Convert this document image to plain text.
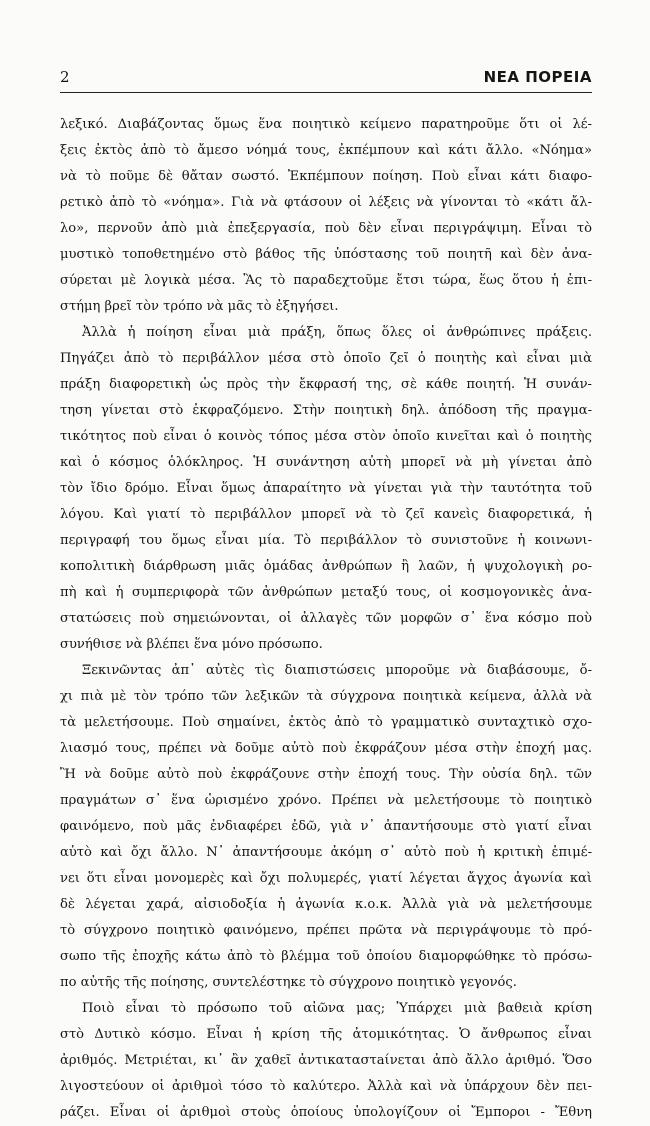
2	ΝΕΑ ΠΟΡΕΙΑ
λεξικό. Διαβάζοντας ὅμως ἕνα ποιητικὸ κείμενο παρατηροῦμε ὅτι οἱ λέ-
ξεις ἐκτὸς ἀπὸ τὸ ἄμεσο νόημά τους, ἐκπέμπουν καὶ κάτι ἄλλο. «Νόημα»
νὰ τὸ ποῦμε δὲ θἄταν σωστό. Ἐκπέμπουν ποίηση. Ποὺ εἶναι κάτι διαφο-
ρετικὸ ἀπὸ τὸ «νόημα». Γιὰ νὰ φτάσουν οἱ λέξεις νὰ γίνονται τὸ «κάτι ἄλ-
λο», περνοῦν ἀπὸ μιὰ ἐπεξεργασία, ποὺ δὲν εἶναι περιγράψιμη. Εἶναι τὸ
μυστικὸ τοποθετημένο στὸ βάθος τῆς ὑπόστασης τοῦ ποιητῆ καὶ δὲν ἀνα-
σύρεται μὲ λογικὰ μέσα. Ἂς τὸ παραδεχτοῦμε ἔτσι τώρα, ἕως ὅτου ἡ ἐπι-
στήμη βρεῖ τὸν τρόπο νὰ μᾶς τὸ ἐξηγήσει.
Ἀλλὰ ἡ ποίηση εἶναι μιὰ πράξη, ὅπως ὅλες οἱ ἀνθρώπινες πράξεις.
Πηγάζει ἀπὸ τὸ περιβάλλον μέσα στὸ ὁποῖο ζεῖ ὁ ποιητὴς καὶ εἶναι μιὰ
πράξη διαφορετικὴ ὡς πρὸς τὴν ἔκφρασή της, σὲ κάθε ποιητή. Ἡ συνάν-
τηση γίνεται στὸ ἐκφραζόμενο. Στὴν ποιητικὴ δηλ. ἀπόδοση τῆς πραγμα-
τικότητος ποὺ εἶναι ὁ κοινὸς τόπος μέσα στὸν ὁποῖο κινεῖται καὶ ὁ ποιητὴς
καὶ ὁ κόσμος ὁλόκληρος. Ἡ συνάντηση αὐτὴ μπορεῖ νὰ μὴ γίνεται ἀπὸ
τὸν ἴδιο δρόμο. Εἶναι ὅμως ἀπαραίτητο νὰ γίνεται γιὰ τὴν ταυτότητα τοῦ
λόγου. Καὶ γιατί τὸ περιβάλλον μπορεῖ νὰ τὸ ζεῖ κανεὶς διαφορετικά, ἡ
περιγραφή του ὅμως εἶναι μία. Τὸ περιβάλλον τὸ συνιστοῦνε ἡ κοινωνι-
κοπολιτικὴ διάρθρωση μιᾶς ὁμάδας ἀνθρώπων ἢ λαῶν, ἡ ψυχολογικὴ ρο-
πὴ καὶ ἡ συμπεριφορὰ τῶν ἀνθρώπων μεταξύ τους, οἱ κοσμογονικὲς ἀνα-
στατώσεις ποὺ σημειώνονται, οἱ ἀλλαγὲς τῶν μορφῶν σ᾿ ἕνα κόσμο ποὺ
συνήθισε νὰ βλέπει ἕνα μόνο πρόσωπο.
Ξεκινῶντας ἀπ᾿ αὐτὲς τὶς διαπιστώσεις μποροῦμε νὰ διαβάσουμε, ὄ-
χι πιὰ μὲ τὸν τρόπο τῶν λεξικῶν τὰ σύγχρονα ποιητικὰ κείμενα, ἀλλὰ νὰ
τὰ μελετήσουμε. Ποὺ σημαίνει, ἐκτὸς ἀπὸ τὸ γραμματικὸ συνταχτικὸ σχο-
λιασμό τους, πρέπει νὰ δοῦμε αὐτὸ ποὺ ἐκφράζουν μέσα στὴν ἐποχή μας.
Ἢ νὰ δοῦμε αὐτὸ ποὺ ἐκφράζουνε στὴν ἐποχή τους. Τὴν οὐσία δηλ. τῶν
πραγμάτων σ᾿ ἕνα ὡρισμένο χρόνο. Πρέπει νὰ μελετήσουμε τὸ ποιητικὸ
φαινόμενο, ποὺ μᾶς ἐνδιαφέρει ἐδῶ, γιὰ ν᾿ ἀπαντήσουμε στὸ γιατί εἶναι
αὐτὸ καὶ ὄχι ἄλλο. Ν᾿ ἀπαντήσουμε ἀκόμη σ᾿ αὐτὸ ποὺ ἡ κριτικὴ ἐπιμέ-
νει ὅτι εἶναι μονομερὲς καὶ ὄχι πολυμερές, γιατί λέγεται ἄγχος ἀγωνία καὶ
δὲ λέγεται χαρά, αἰσιοδοξία ἡ ἀγωνία κ.ο.κ. Ἀλλὰ γιὰ νὰ μελετήσουμε
τὸ σύγχρονο ποιητικὸ φαινόμενο, πρέπει πρῶτα νὰ περιγράψουμε τὸ πρό-
σωπο τῆς ἐποχῆς κάτω ἀπὸ τὸ βλέμμα τοῦ ὁποίου διαμορφώθηκε τὸ πρόσω-
πο αὐτῆς τῆς ποίησης, συντελέστηκε τὸ σύγχρονο ποιητικὸ γεγονός.
Ποιὸ εἶναι τὸ πρόσωπο τοῦ αἰῶνα μας; Ὑπάρχει μιὰ βαθειὰ κρίση
στὸ Δυτικὸ κόσμο. Εἶναι ἡ κρίση τῆς ἀτομικότητας. Ὁ ἄνθρωπος εἶναι
ἀριθμός. Μετριέται, κι᾿ ἂν χαθεῖ ἀντικαταστaίνεται ἀπὸ ἄλλο ἀριθμό. Ὅσο
λιγοστεύουν οἱ ἀριθμοὶ τόσο τὸ καλύτερο. Ἀλλὰ καὶ νὰ ὑπάρχουν δὲν πει-
ράζει. Εἶναι οἱ ἀριθμοὶ στοὺς ὁποίους ὑπολογίζουν οἱ Ἔμποροι - Ἔθνη
